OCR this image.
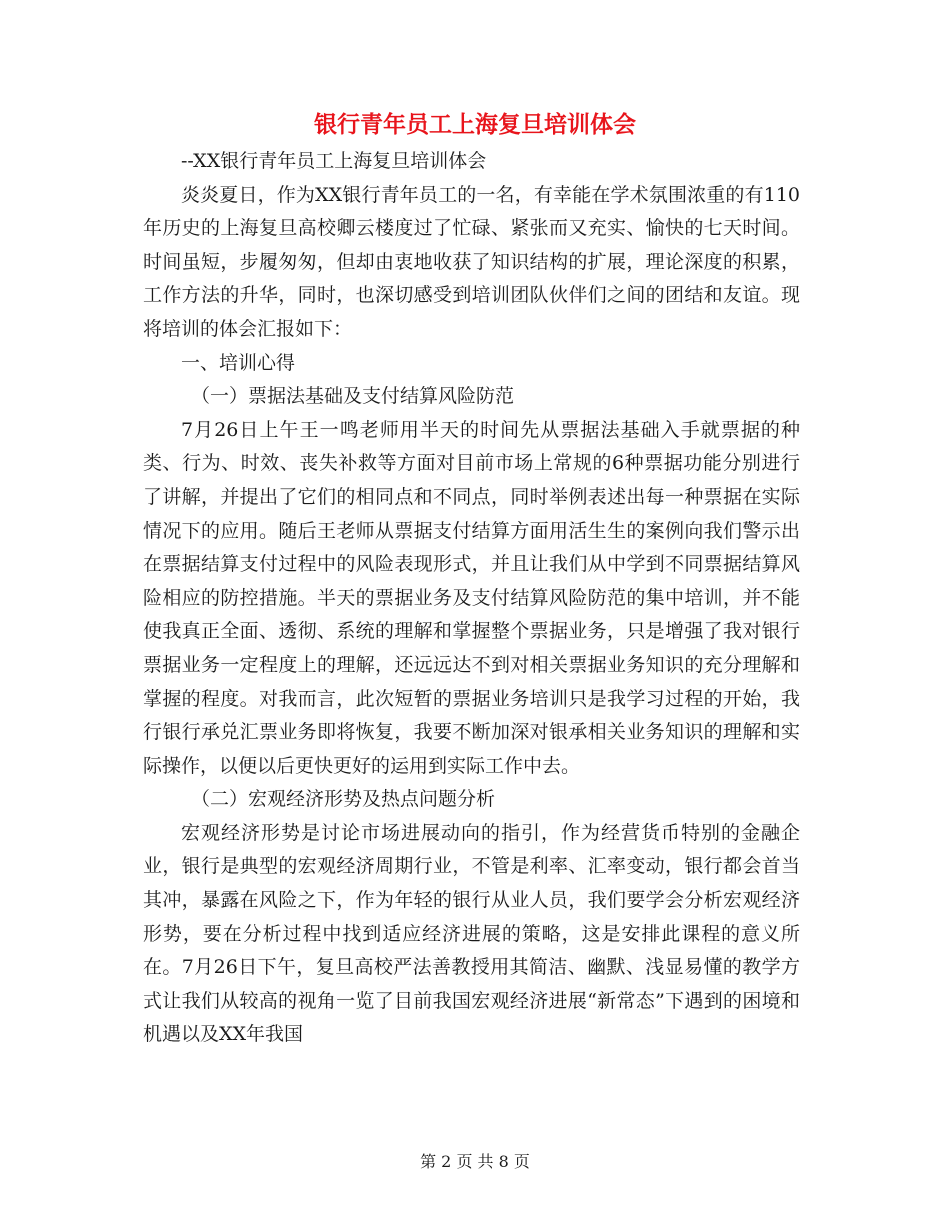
银行青年员工上海复旦培训体会

--XX银行青年员工上海复旦培训体会

炎炎夏日，作为XX银行青年员工的一名，有幸能在学术氛围浓重的有110年历史的上海复旦高校卿云楼度过了忙碌、紧张而又充实、愉快的七天时间。时间虽短，步履匆匆，但却由衷地收获了知识结构的扩展，理论深度的积累，工作方法的升华，同时，也深切感受到培训团队伙伴们之间的团结和友谊。现将培训的体会汇报如下：

一、培训心得

（一）票据法基础及支付结算风险防范

7月26日上午王一鸣老师用半天的时间先从票据法基础入手就票据的种类、行为、时效、丧失补救等方面对目前市场上常规的6种票据功能分别进行了讲解，并提出了它们的相同点和不同点，同时举例表述出每一种票据在实际情况下的应用。随后王老师从票据支付结算方面用活生生的案例向我们警示出在票据结算支付过程中的风险表现形式，并且让我们从中学到不同票据结算风险相应的防控措施。半天的票据业务及支付结算风险防范的集中培训，并不能使我真正全面、透彻、系统的理解和掌握整个票据业务，只是增强了我对银行票据业务一定程度上的理解，还远远达不到对相关票据业务知识的充分理解和掌握的程度。对我而言，此次短暂的票据业务培训只是我学习过程的开始，我行银行承兑汇票业务即将恢复，我要不断加深对银承相关业务知识的理解和实际操作，以便以后更快更好的运用到实际工作中去。

（二）宏观经济形势及热点问题分析

宏观经济形势是讨论市场进展动向的指引，作为经营货币特别的金融企业，银行是典型的宏观经济周期行业，不管是利率、汇率变动，银行都会首当其冲，暴露在风险之下，作为年轻的银行从业人员，我们要学会分析宏观经济形势，要在分析过程中找到适应经济进展的策略，这是安排此课程的意义所在。7月26日下午，复旦高校严法善教授用其简洁、幽默、浅显易懂的教学方式让我们从较高的视角一览了目前我国宏观经济进展“新常态”下遇到的困境和机遇以及XX年我国

第 2 页 共 8 页
